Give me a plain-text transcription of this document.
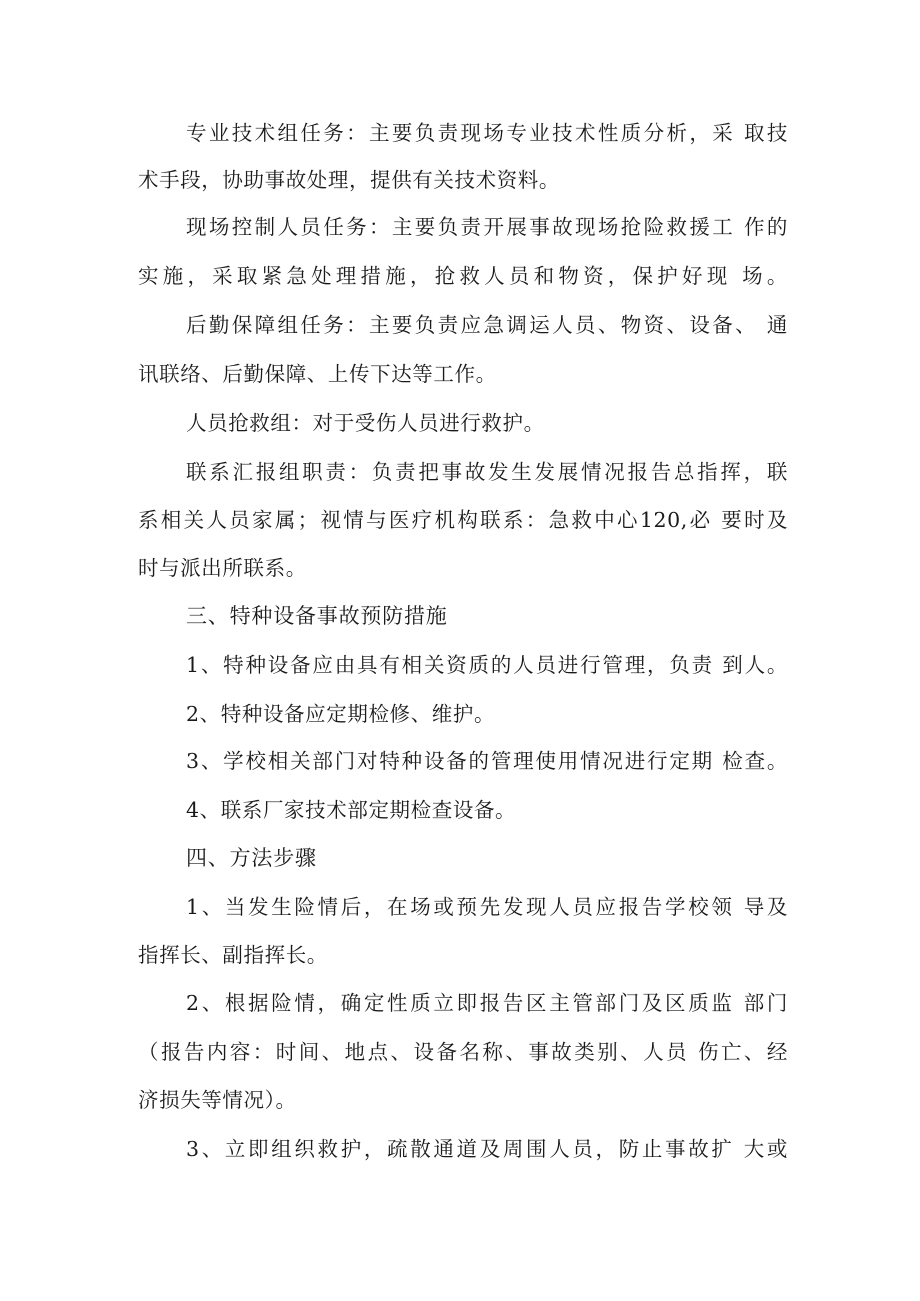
专业技术组任务：主要负责现场专业技术性质分析，采 取技
术手段，协助事故处理，提供有关技术资料。
现场控制人员任务：主要负责开展事故现场抢险救援工 作的
实施，采取紧急处理措施，抢救人员和物资，保护好现 场。
后勤保障组任务：主要负责应急调运人员、物资、设备、 通
讯联络、后勤保障、上传下达等工作。
人员抢救组：对于受伤人员进行救护。
联系汇报组职责：负责把事故发生发展情况报告总指挥，联
系相关人员家属；视情与医疗机构联系：急救中心120,必 要时及
时与派出所联系。
三、特种设备事故预防措施
1、特种设备应由具有相关资质的人员进行管理，负责 到人。
2、特种设备应定期检修、维护。
3、学校相关部门对特种设备的管理使用情况进行定期 检查。
4、联系厂家技术部定期检查设备。
四、方法步骤
1、当发生险情后，在场或预先发现人员应报告学校领 导及
指挥长、副指挥长。
2、根据险情，确定性质立即报告区主管部门及区质监 部门
（报告内容：时间、地点、设备名称、事故类别、人员 伤亡、经
济损失等情况）。
3、立即组织救护，疏散通道及周围人员，防止事故扩 大或
